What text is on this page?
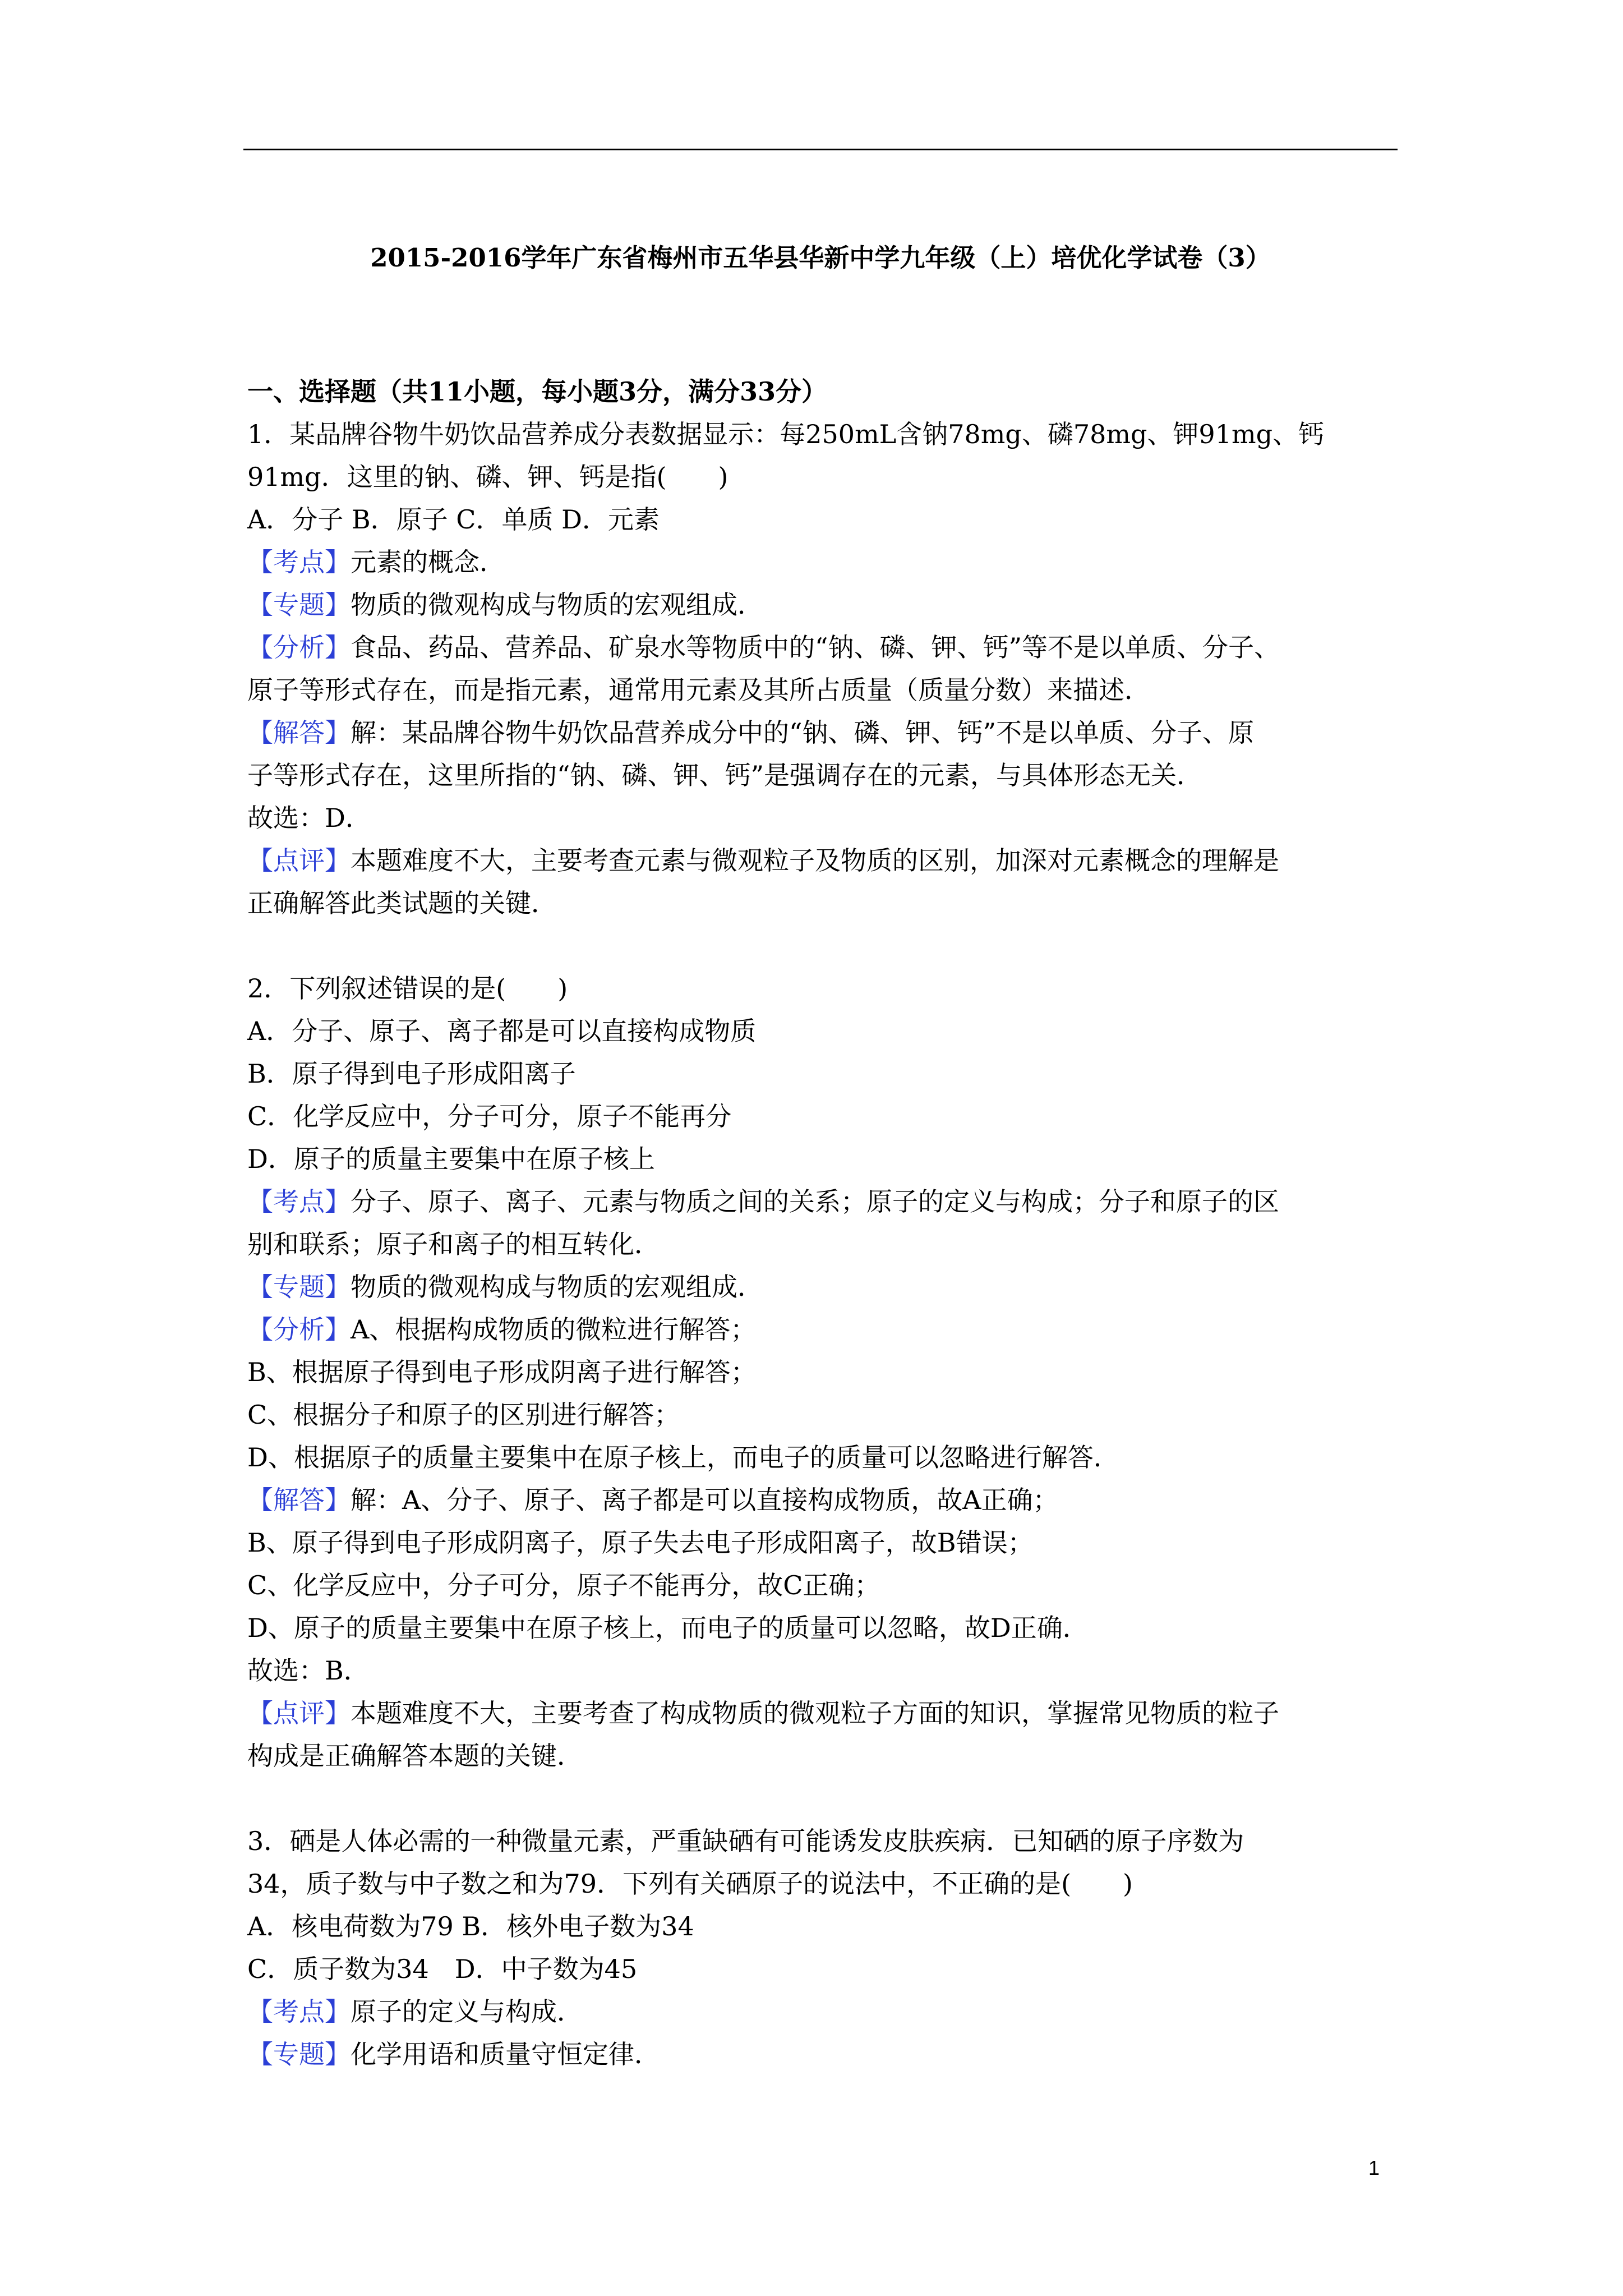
2015-2016学年广东省梅州市五华县华新中学九年级（上）培优化学试卷（3）
一、选择题（共11小题，每小题3分，满分33分）
1．某品牌谷物牛奶饮品营养成分表数据显示：每250mL含钠78mg、磷78mg、钾91mg、钙
91mg．这里的钠、磷、钾、钙是指(　　)
A．分子 B．原子 C．单质 D．元素
【考点】元素的概念．
【专题】物质的微观构成与物质的宏观组成．
【分析】食品、药品、营养品、矿泉水等物质中的“钠、磷、钾、钙”等不是以单质、分子、
原子等形式存在，而是指元素，通常用元素及其所占质量（质量分数）来描述．
【解答】解：某品牌谷物牛奶饮品营养成分中的“钠、磷、钾、钙”不是以单质、分子、原
子等形式存在，这里所指的“钠、磷、钾、钙”是强调存在的元素，与具体形态无关．
故选：D．
【点评】本题难度不大，主要考查元素与微观粒子及物质的区别，加深对元素概念的理解是
正确解答此类试题的关键．
2．下列叙述错误的是(　　)
A．分子、原子、离子都是可以直接构成物质
B．原子得到电子形成阳离子
C．化学反应中，分子可分，原子不能再分
D．原子的质量主要集中在原子核上
【考点】分子、原子、离子、元素与物质之间的关系；原子的定义与构成；分子和原子的区
别和联系；原子和离子的相互转化．
【专题】物质的微观构成与物质的宏观组成．
【分析】A、根据构成物质的微粒进行解答；
B、根据原子得到电子形成阴离子进行解答；
C、根据分子和原子的区别进行解答；
D、根据原子的质量主要集中在原子核上，而电子的质量可以忽略进行解答．
【解答】解：A、分子、原子、离子都是可以直接构成物质，故A正确；
B、原子得到电子形成阴离子，原子失去电子形成阳离子，故B错误；
C、化学反应中，分子可分，原子不能再分，故C正确；
D、原子的质量主要集中在原子核上，而电子的质量可以忽略，故D正确．
故选：B．
【点评】本题难度不大，主要考查了构成物质的微观粒子方面的知识，掌握常见物质的粒子
构成是正确解答本题的关键．
3．硒是人体必需的一种微量元素，严重缺硒有可能诱发皮肤疾病．已知硒的原子序数为
34，质子数与中子数之和为79．下列有关硒原子的说法中，不正确的是(　　)
A．核电荷数为79 B．核外电子数为34
C．质子数为34　D．中子数为45
【考点】原子的定义与构成．
【专题】化学用语和质量守恒定律．
1
